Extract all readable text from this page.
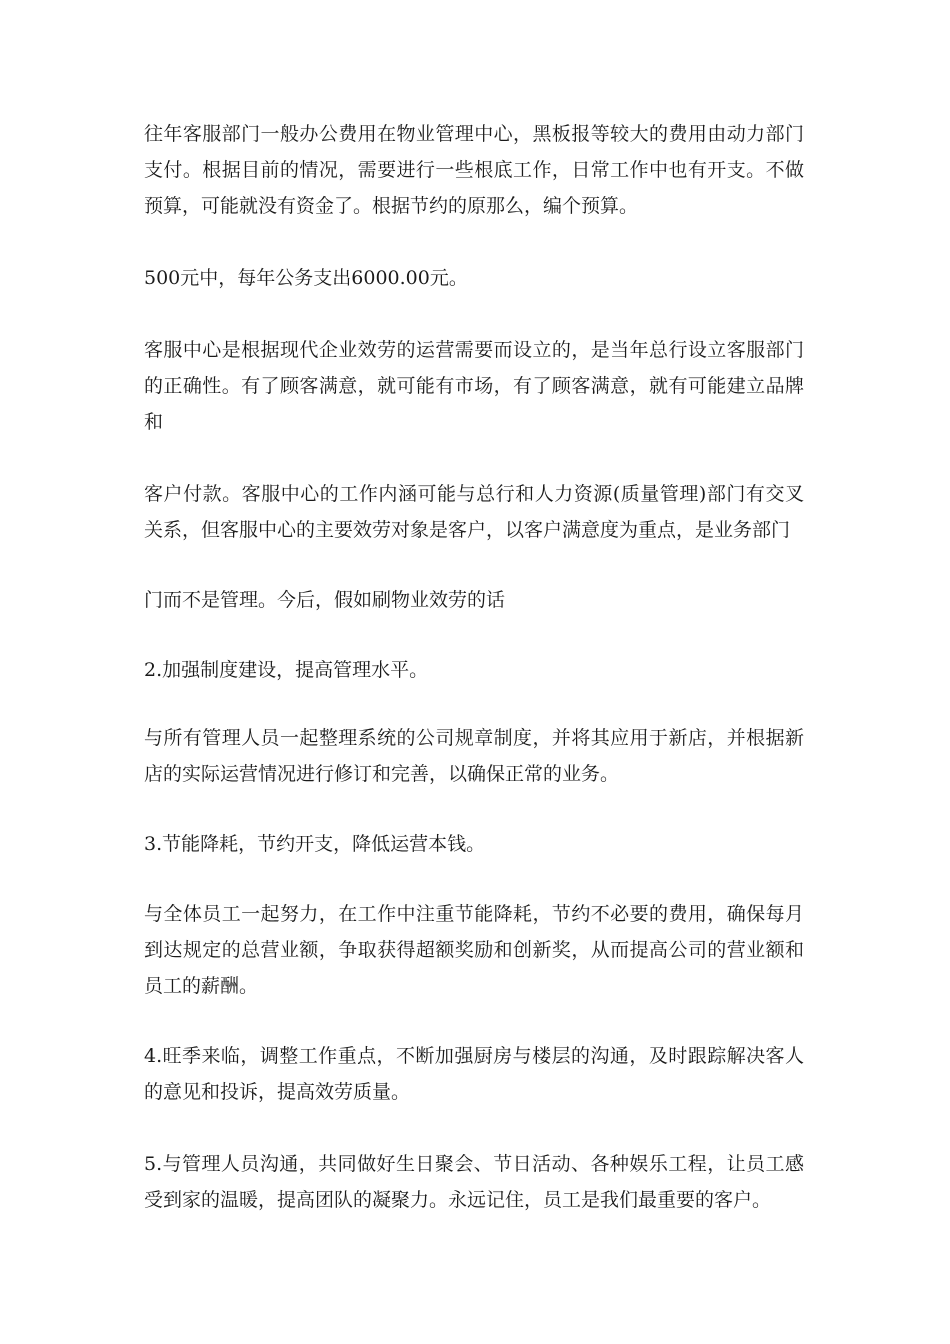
往年客服部门一般办公费用在物业管理中心，黑板报等较大的费用由动力部门支付。根据目前的情况，需要进行一些根底工作，日常工作中也有开支。不做预算，可能就没有资金了。根据节约的原那么，编个预算。

500元中，每年公务支出6000.00元。

客服中心是根据现代企业效劳的运营需要而设立的，是当年总行设立客服部门的正确性。有了顾客满意，就可能有市场，有了顾客满意，就有可能建立品牌和

客户付款。客服中心的工作内涵可能与总行和人力资源(质量管理)部门有交叉关系，但客服中心的主要效劳对象是客户，以客户满意度为重点，是业务部门

门而不是管理。今后，假如刷物业效劳的话

2.加强制度建设，提高管理水平。

与所有管理人员一起整理系统的公司规章制度，并将其应用于新店，并根据新店的实际运营情况进行修订和完善，以确保正常的业务。

3.节能降耗，节约开支，降低运营本钱。

与全体员工一起努力，在工作中注重节能降耗，节约不必要的费用，确保每月到达规定的总营业额，争取获得超额奖励和创新奖，从而提高公司的营业额和员工的薪酬。

4.旺季来临，调整工作重点，不断加强厨房与楼层的沟通，及时跟踪解决客人的意见和投诉，提高效劳质量。

5.与管理人员沟通，共同做好生日聚会、节日活动、各种娱乐工程，让员工感受到家的温暖，提高团队的凝聚力。永远记住，员工是我们最重要的客户。
